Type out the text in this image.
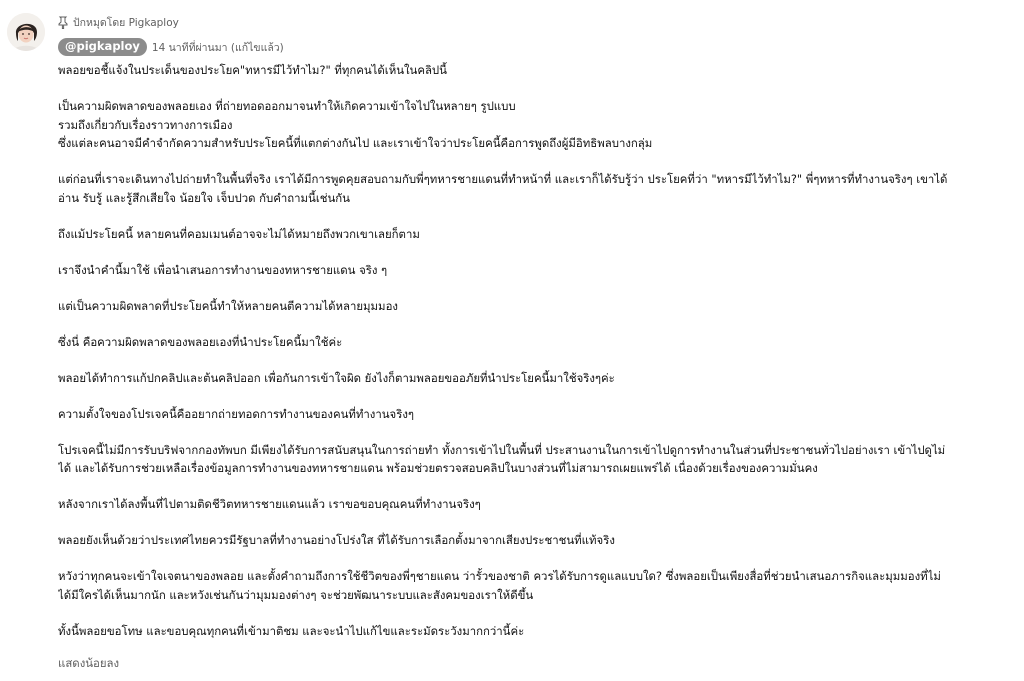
ปักหมุดโดย Pigkaploy
@pigkaploy	14 นาทีที่ผ่านมา (แก้ไขแล้ว)

พลอยขอชี้แจ้งในประเด็นของประโยค"ทหารมีไว้ทำไม?" ที่ทุกคนได้เห็นในคลิปนี้

เป็นความผิดพลาดของพลอยเอง ที่ถ่ายทอดออกมาจนทำให้เกิดความเข้าใจไปในหลายๆ รูปแบบ

รวมถึงเกี่ยวกับเรื่องราวทางการเมือง

ซึ่งแต่ละคนอาจมีคำจำกัดความสำหรับประโยคนี้ที่แตกต่างกันไป และเราเข้าใจว่าประโยคนี้คือการพูดถึงผู้มีอิทธิพลบางกลุ่ม

แต่ก่อนที่เราจะเดินทางไปถ่ายทำในพื้นที่จริง เราได้มีการพูดคุยสอบถามกับพี่ๆทหารชายแดนที่ทำหน้าที่ และเราก็ได้รับรู้ว่า ประโยคที่ว่า "ทหารมีไว้ทำไม?" พี่ๆทหารที่ทำงานจริงๆ เขาได้

อ่าน รับรู้ และรู้สึกเสียใจ น้อยใจ เจ็บปวด กับคำถามนี้เช่นกัน

ถึงแม้ประโยคนี้ หลายคนที่คอมเมนต์อาจจะไม่ได้หมายถึงพวกเขาเลยก็ตาม

เราจึงนำคำนี้มาใช้ เพื่อนำเสนอการทำงานของทหารชายแดน จริง ๆ

แต่เป็นความผิดพลาดที่ประโยคนี้ทำให้หลายคนตีความได้หลายมุมมอง

ซึ่งนี่ คือความผิดพลาดของพลอยเองที่นำประโยคนี้มาใช้ค่ะ

พลอยได้ทำการแก้ปกคลิปและต้นคลิปออก เพื่อกันการเข้าใจผิด ยังไงก็ตามพลอยขออภัยที่นำประโยคนี้มาใช้จริงๆค่ะ

ความตั้งใจของโปรเจคนี้คืออยากถ่ายทอดการทำงานของคนที่ทำงานจริงๆ

โปรเจคนี้ไม่มีการรับบริฟจากกองทัพบก มีเพียงได้รับการสนับสนุนในการถ่ายทำ ทั้งการเข้าไปในพื้นที่ ประสานงานในการเข้าไปดูการทำงานในส่วนที่ประชาชนทั่วไปอย่างเรา เข้าไปดูไม่

ได้ และได้รับการช่วยเหลือเรื่องข้อมูลการทำงานของทหารชายแดน พร้อมช่วยตรวจสอบคลิปในบางส่วนที่ไม่สามารถเผยแพร่ได้ เนื่องด้วยเรื่องของความมั่นคง

หลังจากเราได้ลงพื้นที่ไปตามติดชีวิตทหารชายแดนแล้ว เราขอขอบคุณคนที่ทำงานจริงๆ

พลอยยังเห็นด้วยว่าประเทศไทยควรมีรัฐบาลที่ทำงานอย่างโปร่งใส ที่ได้รับการเลือกตั้งมาจากเสียงประชาชนที่แท้จริง

หวังว่าทุกคนจะเข้าใจเจตนาของพลอย และตั้งคำถามถึงการใช้ชีวิตของพี่ๆชายแดน ว่ารั้วของชาติ ควรได้รับการดูแลแบบใด? ซึ่งพลอยเป็นเพียงสื่อที่ช่วยนำเสนอภารกิจและมุมมองที่ไม่

ได้มีใครได้เห็นมากนัก และหวังเช่นกันว่ามุมมองต่างๆ จะช่วยพัฒนาระบบและสังคมของเราให้ดีขึ้น

ทั้งนี้พลอยขอโทษ และขอบคุณทุกคนที่เข้ามาติชม และจะนำไปแก้ไขและระมัดระวังมากกว่านี้ค่ะ

แสดงน้อยลง
